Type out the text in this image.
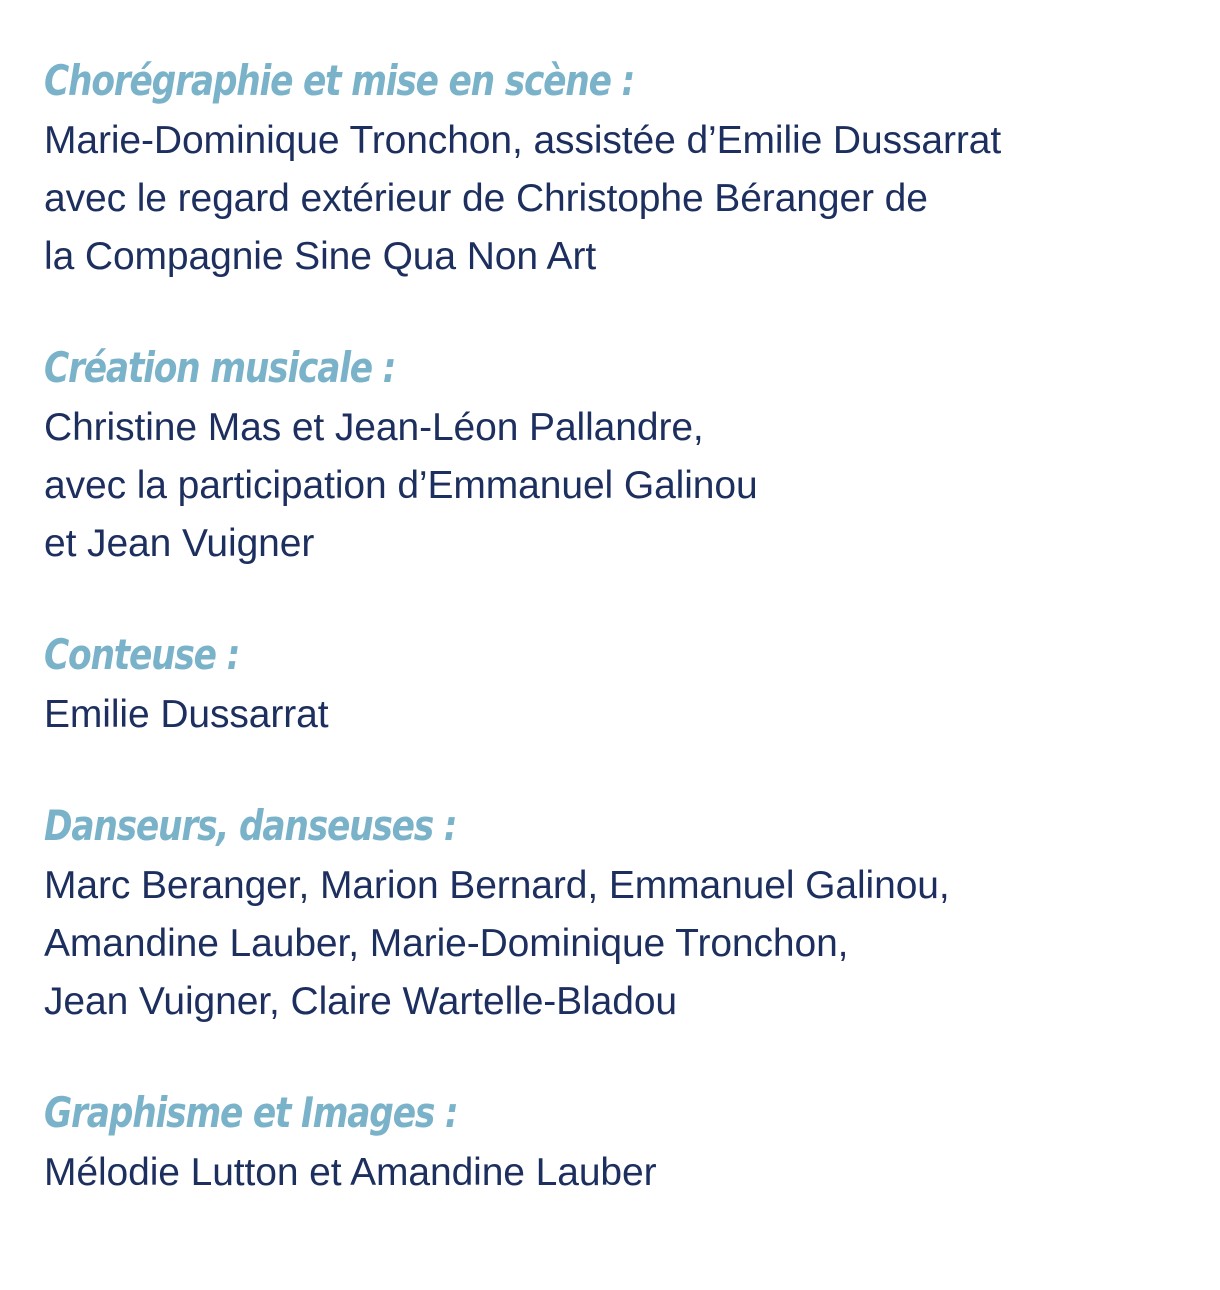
Chorégraphie et mise en scène :

Marie-Dominique Tronchon, assistée d’Emilie Dussarrat

avec le regard extérieur de Christophe Béranger de

la Compagnie Sine Qua Non Art

Création musicale :

Christine Mas et Jean-Léon Pallandre,

avec la participation d’Emmanuel Galinou

et Jean Vuigner

Conteuse :

Emilie Dussarrat

Danseurs, danseuses :

Marc Beranger, Marion Bernard, Emmanuel Galinou,

Amandine Lauber, Marie-Dominique Tronchon,

Jean Vuigner, Claire Wartelle-Bladou

Graphisme et Images :

Mélodie Lutton et Amandine Lauber
